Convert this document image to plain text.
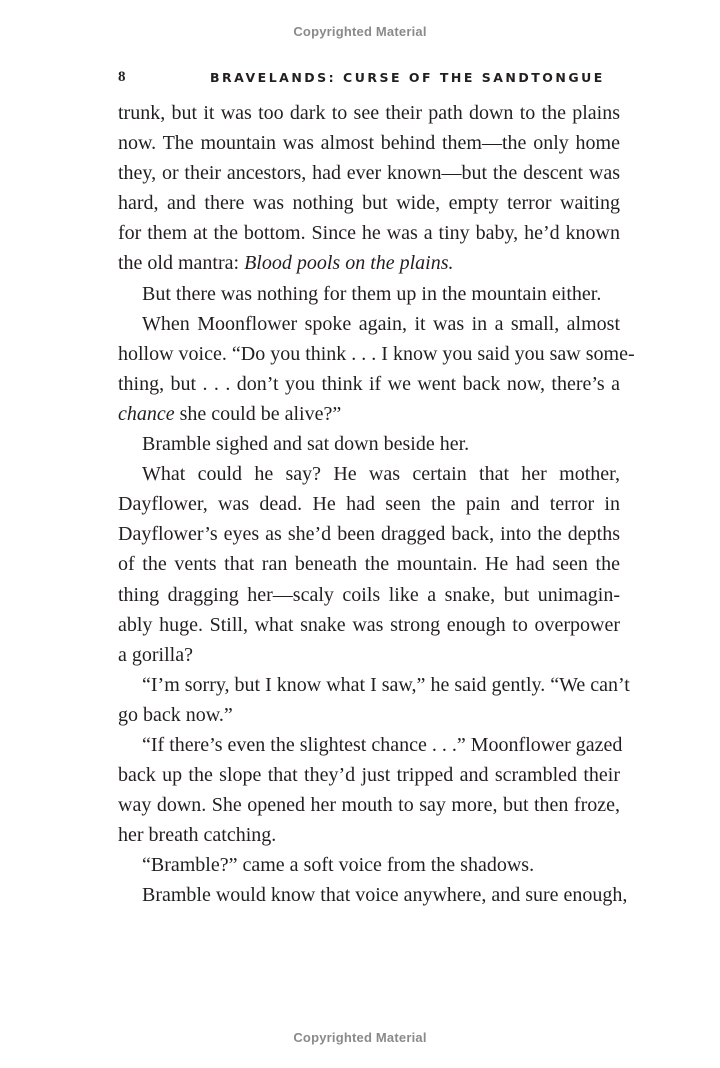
Copyrighted Material
8	BRAVELANDS: CURSE OF THE SANDTONGUE
trunk, but it was too dark to see their path down to the plains
now. The mountain was almost behind them—the only home
they, or their ancestors, had ever known—but the descent was
hard, and there was nothing but wide, empty terror waiting
for them at the bottom. Since he was a tiny baby, he’d known
the old mantra: Blood pools on the plains.
But there was nothing for them up in the mountain either.
When Moonflower spoke again, it was in a small, almost
hollow voice. “Do you think . . . I know you said you saw some-
thing, but . . . don’t you think if we went back now, there’s a
chance she could be alive?”
Bramble sighed and sat down beside her.
What could he say? He was certain that her mother,
Dayflower, was dead. He had seen the pain and terror in
Dayflower’s eyes as she’d been dragged back, into the depths
of the vents that ran beneath the mountain. He had seen the
thing dragging her—scaly coils like a snake, but unimagin-
ably huge. Still, what snake was strong enough to overpower
a gorilla?
“I’m sorry, but I know what I saw,” he said gently. “We can’t
go back now.”
“If there’s even the slightest chance . . .” Moonflower gazed
back up the slope that they’d just tripped and scrambled their
way down. She opened her mouth to say more, but then froze,
her breath catching.
“Bramble?” came a soft voice from the shadows.
Bramble would know that voice anywhere, and sure enough,
Copyrighted Material
